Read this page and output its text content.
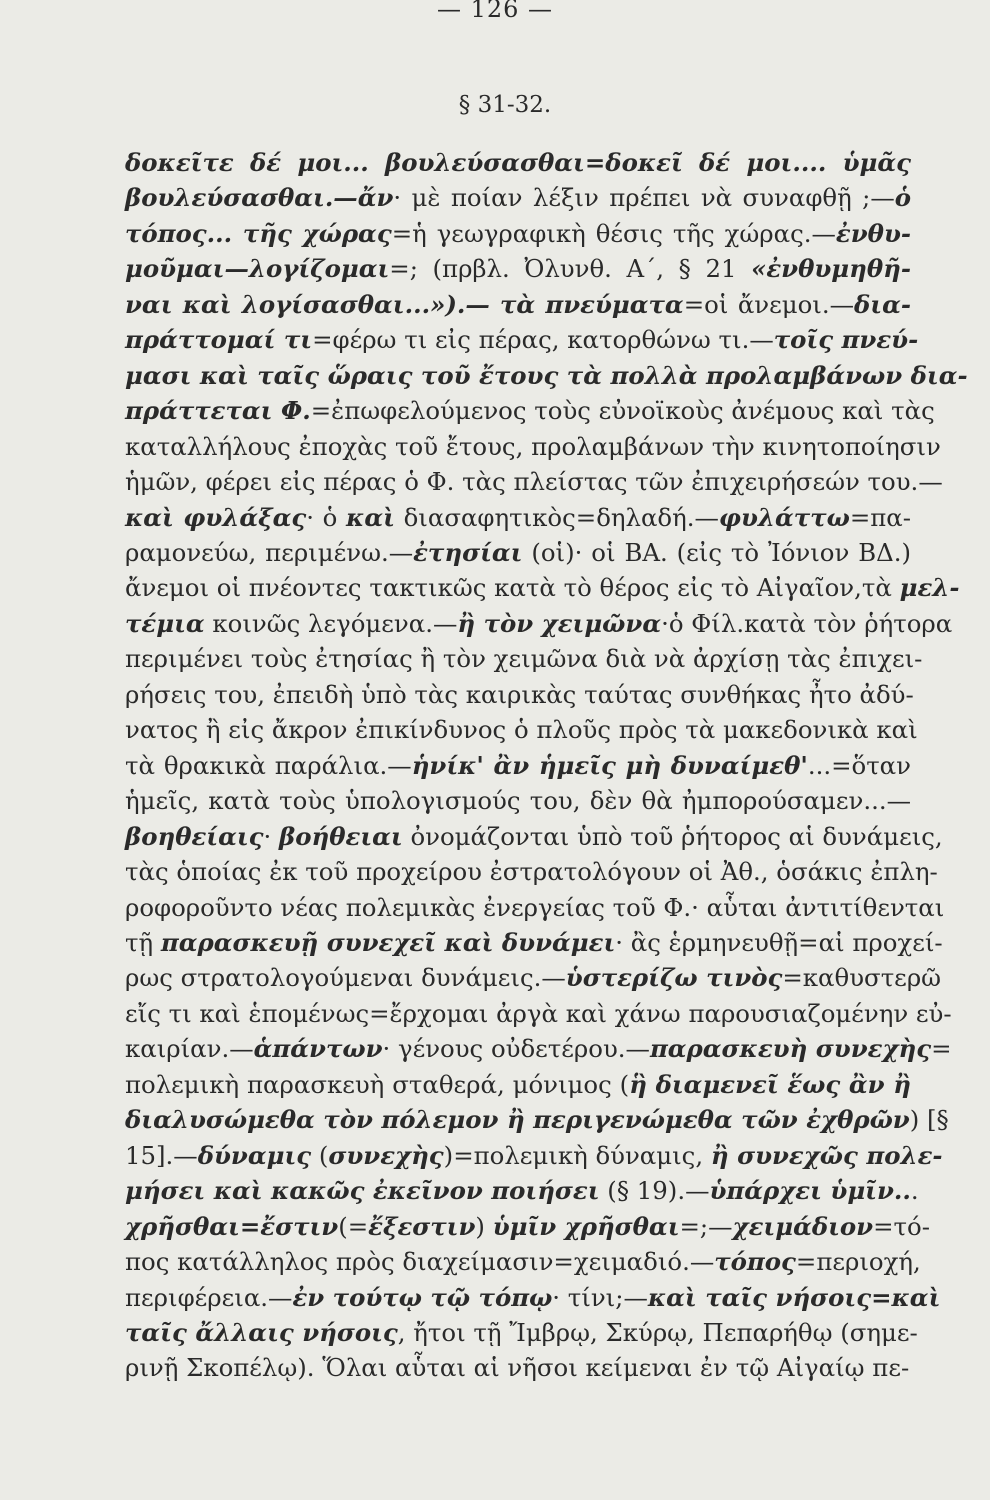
— 126 —
§ 31-32.
δοκεῖτε δέ μοι... βουλεύσασθαι=δοκεῖ δέ μοι.... ὑμᾶς
βουλεύσασθαι.—ἄν· μὲ ποίαν λέξιν πρέπει νὰ συναφθῇ ;—ὁ
τόπος... τῆς χώρας=ἡ γεωγραφικὴ θέσις τῆς χώρας.—ἐνθυ-
μοῦμαι—λογίζομαι=; (πρβλ. Ὀλυνθ. Α΄, § 21 «ἐνθυμηθῆ-
ναι καὶ λογίσασθαι...»).— τὰ πνεύματα=οἱ ἄνεμοι.—δια-
πράττομαί τι=φέρω τι εἰς πέρας, κατορθώνω τι.—τοῖς πνεύ-
μασι καὶ ταῖς ὥραις τοῦ ἔτους τὰ πολλὰ προλαμβάνων δια-
πράττεται Φ.=ἐπωφελούμενος τοὺς εὐνοϊκοὺς ἀνέμους καὶ τὰς
καταλλήλους ἐποχὰς τοῦ ἔτους, προλαμβάνων τὴν κινητοποίησιν
ἡμῶν, φέρει εἰς πέρας ὁ Φ. τὰς πλείστας τῶν ἐπιχειρήσεών του.—
καὶ φυλάξας· ὁ καὶ διασαφητικὸς=δηλαδή.—φυλάττω=πα-
ραμονεύω, περιμένω.—ἐτησίαι (οἱ)· οἱ ΒΑ. (εἰς τὸ Ἰόνιον ΒΔ.)
ἄνεμοι οἱ πνέοντες τακτικῶς κατὰ τὸ θέρος εἰς τὸ Αἰγαῖον,τὰ μελ-
τέμια κοινῶς λεγόμενα.—ἢ τὸν χειμῶνα·ὁ Φίλ.κατὰ τὸν ῥήτορα
περιμένει τοὺς ἐτησίας ἢ τὸν χειμῶνα διὰ νὰ ἀρχίσῃ τὰς ἐπιχει-
ρήσεις του, ἐπειδὴ ὑπὸ τὰς καιρικὰς ταύτας συνθήκας ἦτο ἀδύ-
νατος ἢ εἰς ἄκρον ἐπικίνδυνος ὁ πλοῦς πρὸς τὰ μακεδονικὰ καὶ
τὰ θρακικὰ παράλια.—ἡνίκ' ἂν ἡμεῖς μὴ δυναίμεθ'...=ὅταν
ἡμεῖς, κατὰ τοὺς ὑπολογισμούς του, δὲν θὰ ἠμπορούσαμεν...—
βοηθείαις· βοήθειαι ὀνομάζονται ὑπὸ τοῦ ῥήτορος αἱ δυνάμεις,
τὰς ὁποίας ἐκ τοῦ προχείρου ἐστρατολόγουν οἱ Ἀθ., ὁσάκις ἐπλη-
ροφοροῦντο νέας πολεμικὰς ἐνεργείας τοῦ Φ.· αὗται ἀντιτίθενται
τῇ παρασκευῇ συνεχεῖ καὶ δυνάμει· ἂς ἑρμηνευθῇ=αἱ προχεί-
ρως στρατολογούμεναι δυνάμεις.—ὑστερίζω τινὸς=καθυστερῶ
εἴς τι καὶ ἑπομένως=ἔρχομαι ἀργὰ καὶ χάνω παρουσιαζομένην εὐ-
καιρίαν.—ἁπάντων· γένους οὐδετέρου.—παρασκευὴ συνεχὴς=
πολεμικὴ παρασκευὴ σταθερά, μόνιμος (ἣ διαμενεῖ ἕως ἂν ἢ
διαλυσώμεθα τὸν πόλεμον ἢ περιγενώμεθα τῶν ἐχθρῶν) [§
15].—δύναμις (συνεχὴς)=πολεμικὴ δύναμις, ἢ συνεχῶς πολε-
μήσει καὶ κακῶς ἐκεῖνον ποιήσει (§ 19).—ὑπάρχει ὑμῖν...
χρῆσθαι=ἔστιν(=ἔξεστιν) ὑμῖν χρῆσθαι=;—χειμάδιον=τό-
πος κατάλληλος πρὸς διαχείμασιν=χειμαδιό.—τόπος=περιοχή,
περιφέρεια.—ἐν τούτῳ τῷ τόπῳ· τίνι;—καὶ ταῖς νήσοις=καὶ
ταῖς ἄλλαις νήσοις, ἤτοι τῇ Ἴμβρῳ, Σκύρῳ, Πεπαρήθῳ (σημε-
ρινῇ Σκοπέλῳ). Ὅλαι αὗται αἱ νῆσοι κείμεναι ἐν τῷ Αἰγαίῳ πε-
